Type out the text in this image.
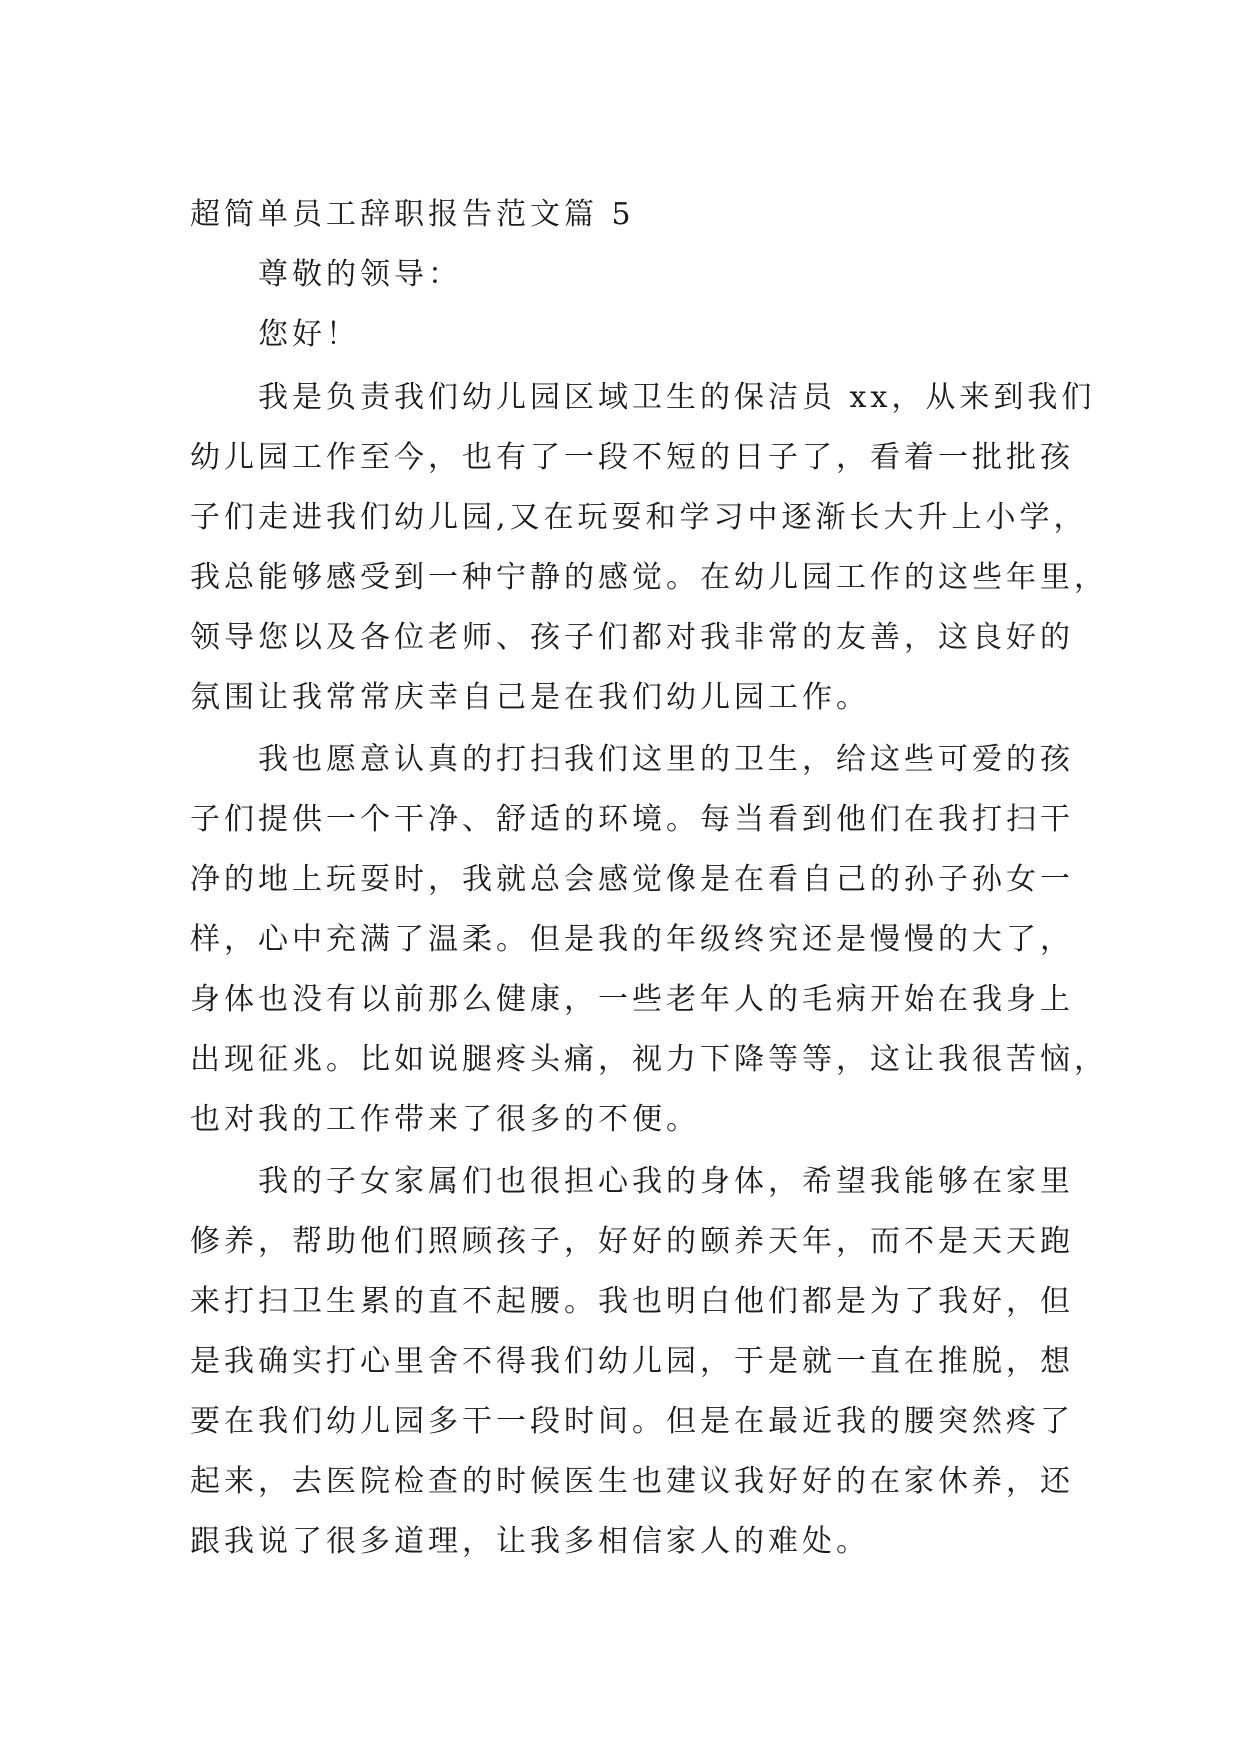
超简单员工辞职报告范文篇 5
尊敬的领导：
您好！
我是负责我们幼儿园区域卫生的保洁员 xx，从来到我们
幼儿园工作至今，也有了一段不短的日子了，看着一批批孩
子们走进我们幼儿园,又在玩耍和学习中逐渐长大升上小学，
我总能够感受到一种宁静的感觉。在幼儿园工作的这些年里，
领导您以及各位老师、孩子们都对我非常的友善，这良好的
氛围让我常常庆幸自己是在我们幼儿园工作。
我也愿意认真的打扫我们这里的卫生，给这些可爱的孩
子们提供一个干净、舒适的环境。每当看到他们在我打扫干
净的地上玩耍时，我就总会感觉像是在看自己的孙子孙女一
样，心中充满了温柔。但是我的年级终究还是慢慢的大了，
身体也没有以前那么健康，一些老年人的毛病开始在我身上
出现征兆。比如说腿疼头痛，视力下降等等，这让我很苦恼，
也对我的工作带来了很多的不便。
我的子女家属们也很担心我的身体，希望我能够在家里
修养，帮助他们照顾孩子，好好的颐养天年，而不是天天跑
来打扫卫生累的直不起腰。我也明白他们都是为了我好，但
是我确实打心里舍不得我们幼儿园，于是就一直在推脱，想
要在我们幼儿园多干一段时间。但是在最近我的腰突然疼了
起来，去医院检查的时候医生也建议我好好的在家休养，还
跟我说了很多道理，让我多相信家人的难处。
